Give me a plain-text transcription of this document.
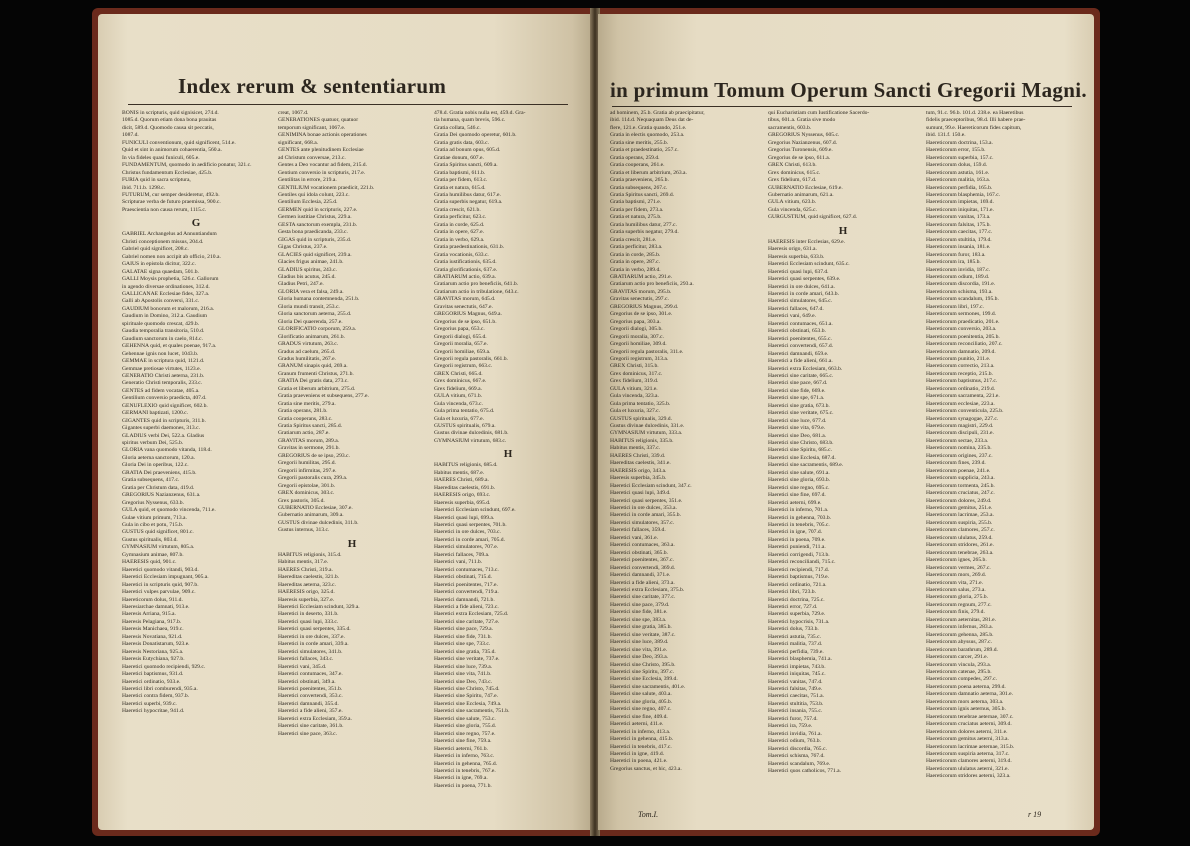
Index rerum & sententiarum
BONIS in scripturis, quid signisicet, 274.d.
1085.d. Quorum etiam dona bona prauitas
dicit, 589.d. Quomodo causa sit peccatis,
1087.d.
FUNICULI conventionum, quid significent, 514.e.
Quid et sint in animorum cohaerentia, 560.a.
In via fideles quasi funiculi, 605.e.
FUNDAMENTUM, quomodo in aedificio ponatur, 321.c.
Christus fundamentum Ecclesiae, 425.b.
FURIA quid in sacra scriptura,
ibid. 711.b. 1298.c.
FUTURUM, cur semper desideretur, 492.b.
Scripturae verba de futuro praemissa, 900.c.
Praescientia non causa rerum, 1115.c.
G
GABRIEL Archangelus ad Annuntiandum
Christi conceptionem missus, 204.d.
Gabriel quid significet, 208.c.
Gabriel nomen non accipit ab officio, 210.a.
GAIUS in epistola dicitur, 322.c.
GALATAE signa quaedam, 501.b.
GALLI Moysis prophetia, 526.c. Gallorum
in agendo diversae ordinationes, 312.d.
GALLICANAE Ecclesiae fides, 327.a.
Galli ab Apostolis conversi, 331.c.
GAUDIUM bonorum et malorum, 216.a.
Gaudium in Domino, 312.a. Gaudium
spirituale quomodo crescat, 429.b.
Gaudia temporalia transitoria, 510.d.
Gaudium sanctorum in caelo, 814.c.
GEHENNA quid, et quales poenae, 917.a.
Gehennae ignis non lucet, 1043.b.
GEMMAE in scriptura quid, 1121.d.
Gemmae pretiosae virtutes, 1123.e.
GENERATIO Christi aeterna, 231.b.
Generatio Christi temporalis, 233.c.
GENTES ad fidem vocatae, 405.a.
Gentilium conversio praedicta, 407.d.
GENUFLEXIO quid significet, 602.b.
GERMANI baptizati, 1200.c.
GIGANTES quid in scripturis, 311.b.
Gigantes superbi daemones, 313.c.
GLADIUS verbi Dei, 522.a. Gladius
spiritus verbum Dei, 525.b.
GLORIA vana quomodo vitanda, 118.d.
Gloria aeterna sanctorum, 120.a.
Gloria Dei in operibus, 122.c.
GRATIA Dei praeveniens, 415.b.
Gratia subsequens, 417.c.
Gratia per Christum data, 419.d.
GREGORIUS Nazianzenus, 631.a.
Gregorius Nyssenus, 633.b.
GULA quid, et quomodo vincenda, 711.e.
Gulae vitium primum, 713.a.
Gula in cibo et potu, 715.b.
GUSTUS quid significet, 801.c.
Gustus spiritualis, 803.d.
GYMNASIUM virtutum, 805.a.
Gymnasium animae, 807.b.
HAERESIS quid, 901.c.
Haeretici quomodo vitandi, 903.d.
Haeretici Ecclesiam impugnant, 905.a.
Haeretici in scripturis quid, 907.b.
Haeretici vulpes parvulae, 909.c.
Haereticorum dolus, 911.d.
Haeresiarchae damnati, 913.e.
Haeresis Arriana, 915.a.
Haeresis Pelagiana, 917.b.
Haeresis Manichaea, 919.c.
Haeresis Novatiana, 921.d.
Haeresis Donatistarum, 923.e.
Haeresis Nestoriana, 925.a.
Haeresis Eutychiana, 927.b.
Haeretici quomodo recipiendi, 929.c.
Haeretici baptismus, 931.d.
Haeretici ordinatio, 933.e.
Haeretici libri comburendi, 935.a.
Haeretici contra fidem, 937.b.
Haeretici superbi, 939.c.
Haeretici hypocritae, 941.d.
creat, 1067.d.
GENERATIONES quatuor, quatuor
temporum significant, 1067.e.
GENIMINA bonae actionis operationes
significant, 668.a.
GENTES ante plenitudinem Ecclesiae
ad Christum conversae, 213.c.
Gentes a Deo vocantur ad fidem, 215.d.
Gentium conversio in scripturis, 217.e.
Gentilitas in errore, 219.a.
GENTILIUM vocationem praedicit, 221.b.
Gentiles qui idola colunt, 223.c.
Gentilium Ecclesia, 225.d.
GERMEN quid in scripturis, 227.e.
Germen iustitiae Christus, 229.a.
GESTA sanctorum exempla, 231.b.
Gesta bona praedicanda, 233.c.
GIGAS quid in scripturis, 235.d.
Gigas Christus, 237.e.
GLACIES quid significet, 239.a.
Glacies frigus animae, 241.b.
GLADIUS spiritus, 243.c.
Gladius bis acutus, 245.d.
Gladius Petri, 247.e.
GLORIA vera et falsa, 249.a.
Gloria humana contemnenda, 251.b.
Gloria mundi transit, 253.c.
Gloria sanctorum aeterna, 255.d.
Gloria Dei quaerenda, 257.e.
GLORIFICATIO corporum, 259.a.
Glorificatio animarum, 261.b.
GRADUS virtutum, 263.c.
Gradus ad caelum, 265.d.
Gradus humilitatis, 267.e.
GRANUM sinapis quid, 269.a.
Granum frumenti Christus, 271.b.
GRATIA Dei gratis data, 273.c.
Gratia et liberum arbitrium, 275.d.
Gratia praeveniens et subsequens, 277.e.
Gratia sine meritis, 279.a.
Gratia operans, 281.b.
Gratia cooperans, 283.c.
Gratia Spiritus sancti, 285.d.
Gratiarum actio, 287.e.
GRAVITAS morum, 289.a.
Gravitas in sermone, 291.b.
GREGORIUS de se ipso, 293.c.
Gregorii humilitas, 295.d.
Gregorii infirmitas, 297.e.
Gregorii pastoralis cura, 299.a.
Gregorii epistolae, 301.b.
GREX dominicus, 303.c.
Grex pastoris, 305.d.
GUBERNATIO Ecclesiae, 307.e.
Gubernatio animarum, 309.a.
GUSTUS divinae dulcedinis, 311.b.
Gustus internus, 313.c.
H
HABITUS religionis, 315.d.
Habitus mentis, 317.e.
HAERES Christi, 319.a.
Haereditas caelestis, 321.b.
Haereditas aeterna, 323.c.
HAERESIS origo, 325.d.
Haeresis superbia, 327.e.
Haeretici Ecclesiam scindunt, 329.a.
Haeretici in deserto, 331.b.
Haeretici quasi lupi, 333.c.
Haeretici quasi serpentes, 335.d.
Haeretici in ore dulces, 337.e.
Haeretici in corde amari, 339.a.
Haeretici simulatores, 341.b.
Haeretici fallaces, 343.c.
Haeretici vani, 345.d.
Haeretici contumaces, 347.e.
Haeretici obstinati, 349.a.
Haeretici poenitentes, 351.b.
Haeretici convertendi, 353.c.
Haeretici damnandi, 355.d.
Haeretici a fide alieni, 357.e.
Haeretici extra Ecclesiam, 359.a.
Haeretici sine caritate, 361.b.
Haeretici sine pace, 363.c.
478.d. Gratia nobis nulla est, 459.d. Gra-
tia humana, quam brevis, 596.c.
Gratia collata, 546.c.
Gratia Dei quomodo operetur, 601.b.
Gratia gratis data, 603.c.
Gratia ad bonum opus, 605.d.
Gratiae donum, 607.e.
Gratia Spiritus sancti, 609.a.
Gratia baptismi, 611.b.
Gratia per fidem, 613.c.
Gratia et natura, 615.d.
Gratia humilibus datur, 617.e.
Gratia superbis negatur, 619.a.
Gratia crescit, 621.b.
Gratia perficitur, 623.c.
Gratia in corde, 625.d.
Gratia in opere, 627.e.
Gratia in verbo, 629.a.
Gratia praedestinationis, 631.b.
Gratia vocationis, 633.c.
Gratia iustificationis, 635.d.
Gratia glorificationis, 637.e.
GRATIARUM actio, 639.a.
Gratiarum actio pro beneficiis, 641.b.
Gratiarum actio in tribulatione, 643.c.
GRAVITAS morum, 645.d.
Gravitas senectutis, 647.e.
GREGORIUS Magnus, 649.a.
Gregorius de se ipso, 651.b.
Gregorius papa, 653.c.
Gregorii dialogi, 655.d.
Gregorii moralia, 657.e.
Gregorii homiliae, 659.a.
Gregorii regula pastoralis, 661.b.
Gregorii registrum, 663.c.
GREX Christi, 665.d.
Grex dominicus, 667.e.
Grex fidelium, 669.a.
GULA vitium, 671.b.
Gula vincenda, 673.c.
Gula prima tentatio, 675.d.
Gula et luxuria, 677.e.
GUSTUS spiritualis, 679.a.
Gustus divinae dulcedinis, 681.b.
GYMNASIUM virtutum, 683.c.
H
HABITUS religionis, 685.d.
Habitus mentis, 687.e.
HAERES Christi, 689.a.
Haereditas caelestis, 691.b.
HAERESIS origo, 693.c.
Haeresis superbia, 695.d.
Haeretici Ecclesiam scindunt, 697.e.
Haeretici quasi lupi, 699.a.
Haeretici quasi serpentes, 701.b.
Haeretici in ore dulces, 703.c.
Haeretici in corde amari, 705.d.
Haeretici simulatores, 707.e.
Haeretici fallaces, 709.a.
Haeretici vani, 711.b.
Haeretici contumaces, 713.c.
Haeretici obstinati, 715.d.
Haeretici poenitentes, 717.e.
Haeretici convertendi, 719.a.
Haeretici damnandi, 721.b.
Haeretici a fide alieni, 723.c.
Haeretici extra Ecclesiam, 725.d.
Haeretici sine caritate, 727.e.
Haeretici sine pace, 729.a.
Haeretici sine fide, 731.b.
Haeretici sine spe, 733.c.
Haeretici sine gratia, 735.d.
Haeretici sine veritate, 737.e.
Haeretici sine luce, 739.a.
Haeretici sine vita, 741.b.
Haeretici sine Deo, 743.c.
Haeretici sine Christo, 745.d.
Haeretici sine Spiritu, 747.e.
Haeretici sine Ecclesia, 749.a.
Haeretici sine sacramentis, 751.b.
Haeretici sine salute, 753.c.
Haeretici sine gloria, 755.d.
Haeretici sine regno, 757.e.
Haeretici sine fine, 759.a.
Haeretici aeterni, 761.b.
Haeretici in inferno, 763.c.
Haeretici in gehenna, 765.d.
Haeretici in tenebris, 767.e.
Haeretici in igne, 769.a.
Haeretici in poena, 771.b.
in primum Tomum Operum Sancti Gregorii Magni.
ad hominem, 25.b. Gratia ab praecipitatur,
ibid. 114.d. Nequaquam Deus dat de-
flere, 121.e. Gratia quando, 251.e.
Gratia in electis quomodo, 253.a.
Gratia sine meritis, 255.b.
Gratia et praedestinatio, 257.c.
Gratia operans, 259.d.
Gratia cooperans, 261.e.
Gratia et liberum arbitrium, 263.a.
Gratia praeveniens, 265.b.
Gratia subsequens, 267.c.
Gratia Spiritus sancti, 269.d.
Gratia baptismi, 271.e.
Gratia per fidem, 273.a.
Gratia et natura, 275.b.
Gratia humilibus datur, 277.c.
Gratia superbis negatur, 279.d.
Gratia crescit, 281.e.
Gratia perficitur, 283.a.
Gratia in corde, 285.b.
Gratia in opere, 287.c.
Gratia in verbo, 289.d.
GRATIARUM actio, 291.e.
Gratiarum actio pro beneficiis, 293.a.
GRAVITAS morum, 295.b.
Gravitas senectutis, 297.c.
GREGORIUS Magnus, 299.d.
Gregorius de se ipso, 301.e.
Gregorius papa, 303.a.
Gregorii dialogi, 305.b.
Gregorii moralia, 307.c.
Gregorii homiliae, 309.d.
Gregorii regula pastoralis, 311.e.
Gregorii registrum, 313.a.
GREX Christi, 315.b.
Grex dominicus, 317.c.
Grex fidelium, 319.d.
GULA vitium, 321.e.
Gula vincenda, 323.a.
Gula prima tentatio, 325.b.
Gula et luxuria, 327.c.
GUSTUS spiritualis, 329.d.
Gustus divinae dulcedinis, 331.e.
GYMNASIUM virtutum, 333.a.
HABITUS religionis, 335.b.
Habitus mentis, 337.c.
HAERES Christi, 339.d.
Haereditas caelestis, 341.e.
HAERESIS origo, 343.a.
Haeresis superbia, 345.b.
Haeretici Ecclesiam scindunt, 347.c.
Haeretici quasi lupi, 349.d.
Haeretici quasi serpentes, 351.e.
Haeretici in ore dulces, 353.a.
Haeretici in corde amari, 355.b.
Haeretici simulatores, 357.c.
Haeretici fallaces, 359.d.
Haeretici vani, 361.e.
Haeretici contumaces, 363.a.
Haeretici obstinati, 365.b.
Haeretici poenitentes, 367.c.
Haeretici convertendi, 369.d.
Haeretici damnandi, 371.e.
Haeretici a fide alieni, 373.a.
Haeretici extra Ecclesiam, 375.b.
Haeretici sine caritate, 377.c.
Haeretici sine pace, 379.d.
Haeretici sine fide, 381.e.
Haeretici sine spe, 383.a.
Haeretici sine gratia, 385.b.
Haeretici sine veritate, 387.c.
Haeretici sine luce, 389.d.
Haeretici sine vita, 391.e.
Haeretici sine Deo, 393.a.
Haeretici sine Christo, 395.b.
Haeretici sine Spiritu, 397.c.
Haeretici sine Ecclesia, 399.d.
Haeretici sine sacramentis, 401.e.
Haeretici sine salute, 403.a.
Haeretici sine gloria, 405.b.
Haeretici sine regno, 407.c.
Haeretici sine fine, 409.d.
Haeretici aeterni, 411.e.
Haeretici in inferno, 413.a.
Haeretici in gehenna, 415.b.
Haeretici in tenebris, 417.c.
Haeretici in igne, 419.d.
Haeretici in poena, 421.e.
Gregorius sanctus, et hic, 423.a.
qui Eucharistiam cum Iustificatione Sacerdo-
tibus, 601.a. Gratia sive modo
sacramentis, 603.b.
GREGORIUS Nyssenus, 605.c.
Gregorius Nazianzenus, 607.d.
Gregorius Turonensis, 609.e.
Gregorius de se ipso, 611.a.
GREX Christi, 613.b.
Grex dominicus, 615.c.
Grex fidelium, 617.d.
GUBERNATIO Ecclesiae, 619.e.
Gubernatio animarum, 621.a.
GULA vitium, 623.b.
Gula vincenda, 625.c.
GURGUSTIUM, quid significet, 627.d.
H
HAERESIS inter Ecclesias, 629.e.
Haeresis origo, 631.a.
Haeresis superbia, 633.b.
Haeretici Ecclesiam scindunt, 635.c.
Haeretici quasi lupi, 637.d.
Haeretici quasi serpentes, 639.e.
Haeretici in ore dulces, 641.a.
Haeretici in corde amari, 643.b.
Haeretici simulatores, 645.c.
Haeretici fallaces, 647.d.
Haeretici vani, 649.e.
Haeretici contumaces, 651.a.
Haeretici obstinati, 653.b.
Haeretici poenitentes, 655.c.
Haeretici convertendi, 657.d.
Haeretici damnandi, 659.e.
Haeretici a fide alieni, 661.a.
Haeretici extra Ecclesiam, 663.b.
Haeretici sine caritate, 665.c.
Haeretici sine pace, 667.d.
Haeretici sine fide, 669.e.
Haeretici sine spe, 671.a.
Haeretici sine gratia, 673.b.
Haeretici sine veritate, 675.c.
Haeretici sine luce, 677.d.
Haeretici sine vita, 679.e.
Haeretici sine Deo, 681.a.
Haeretici sine Christo, 683.b.
Haeretici sine Spiritu, 685.c.
Haeretici sine Ecclesia, 687.d.
Haeretici sine sacramentis, 689.e.
Haeretici sine salute, 691.a.
Haeretici sine gloria, 693.b.
Haeretici sine regno, 695.c.
Haeretici sine fine, 697.d.
Haeretici aeterni, 699.e.
Haeretici in inferno, 701.a.
Haeretici in gehenna, 703.b.
Haeretici in tenebris, 705.c.
Haeretici in igne, 707.d.
Haeretici in poena, 709.e.
Haeretici puniendi, 711.a.
Haeretici corrigendi, 713.b.
Haeretici reconciliandi, 715.c.
Haeretici recipiendi, 717.d.
Haeretici baptismus, 719.e.
Haeretici ordinatio, 721.a.
Haeretici libri, 723.b.
Haeretici doctrina, 725.c.
Haeretici error, 727.d.
Haeretici superbia, 729.e.
Haeretici hypocrisis, 731.a.
Haeretici dolus, 733.b.
Haeretici astutia, 735.c.
Haeretici malitia, 737.d.
Haeretici perfidia, 739.e.
Haeretici blasphemia, 741.a.
Haeretici impietas, 743.b.
Haeretici iniquitas, 745.c.
Haeretici vanitas, 747.d.
Haeretici falsitas, 749.e.
Haeretici caecitas, 751.a.
Haeretici stultitia, 753.b.
Haeretici insania, 755.c.
Haeretici furor, 757.d.
Haeretici ira, 759.e.
Haeretici invidia, 761.a.
Haeretici odium, 763.b.
Haeretici discordia, 765.c.
Haeretici schisma, 767.d.
Haeretici scandalum, 769.e.
Haeretici quos catholicos, 771.a.
tum, 91.c. 96.b. 101.d. 238.e. ea Haeretibus
fidelis praeceptoribus, 98.d. Illi habere prae-
sumunt, 99.e. Haereticorum fides capitum,
ibid. 131.f. 150.e.
Haereticorum doctrina, 153.a.
Haereticorum error, 155.b.
Haereticorum superbia, 157.c.
Haereticorum dolus, 159.d.
Haereticorum astutia, 161.e.
Haereticorum malitia, 163.a.
Haereticorum perfidia, 165.b.
Haereticorum blasphemia, 167.c.
Haereticorum impietas, 169.d.
Haereticorum iniquitas, 171.e.
Haereticorum vanitas, 173.a.
Haereticorum falsitas, 175.b.
Haereticorum caecitas, 177.c.
Haereticorum stultitia, 179.d.
Haereticorum insania, 181.e.
Haereticorum furor, 183.a.
Haereticorum ira, 185.b.
Haereticorum invidia, 187.c.
Haereticorum odium, 189.d.
Haereticorum discordia, 191.e.
Haereticorum schisma, 193.a.
Haereticorum scandalum, 195.b.
Haereticorum libri, 197.c.
Haereticorum sermones, 199.d.
Haereticorum praedicatio, 201.e.
Haereticorum conversio, 203.a.
Haereticorum poenitentia, 205.b.
Haereticorum reconciliatio, 207.c.
Haereticorum damnatio, 209.d.
Haereticorum punitio, 211.e.
Haereticorum correctio, 213.a.
Haereticorum receptio, 215.b.
Haereticorum baptismus, 217.c.
Haereticorum ordinatio, 219.d.
Haereticorum sacramenta, 221.e.
Haereticorum ecclesiae, 223.a.
Haereticorum conventicula, 225.b.
Haereticorum synagogae, 227.c.
Haereticorum magistri, 229.d.
Haereticorum discipuli, 231.e.
Haereticorum sectae, 233.a.
Haereticorum nomina, 235.b.
Haereticorum origines, 237.c.
Haereticorum fines, 239.d.
Haereticorum poenae, 241.e.
Haereticorum supplicia, 243.a.
Haereticorum tormenta, 245.b.
Haereticorum cruciatus, 247.c.
Haereticorum dolores, 249.d.
Haereticorum gemitus, 251.e.
Haereticorum lacrimae, 253.a.
Haereticorum suspiria, 255.b.
Haereticorum clamores, 257.c.
Haereticorum ululatus, 259.d.
Haereticorum stridores, 261.e.
Haereticorum tenebrae, 263.a.
Haereticorum ignes, 265.b.
Haereticorum vermes, 267.c.
Haereticorum mors, 269.d.
Haereticorum vita, 271.e.
Haereticorum salus, 273.a.
Haereticorum gloria, 275.b.
Haereticorum regnum, 277.c.
Haereticorum finis, 279.d.
Haereticorum aeternitas, 281.e.
Haereticorum infernus, 283.a.
Haereticorum gehenna, 285.b.
Haereticorum abyssus, 287.c.
Haereticorum barathrum, 289.d.
Haereticorum carcer, 291.e.
Haereticorum vincula, 293.a.
Haereticorum catenae, 295.b.
Haereticorum compedes, 297.c.
Haereticorum poena aeterna, 299.d.
Haereticorum damnatio aeterna, 301.e.
Haereticorum mors aeterna, 303.a.
Haereticorum ignis aeternus, 305.b.
Haereticorum tenebrae aeternae, 307.c.
Haereticorum cruciatus aeterni, 309.d.
Haereticorum dolores aeterni, 311.e.
Haereticorum gemitus aeterni, 313.a.
Haereticorum lacrimae aeternae, 315.b.
Haereticorum suspiria aeterna, 317.c.
Haereticorum clamores aeterni, 319.d.
Haereticorum ululatus aeterni, 321.e.
Haereticorum stridores aeterni, 323.a.
Tom.I.	r 19
